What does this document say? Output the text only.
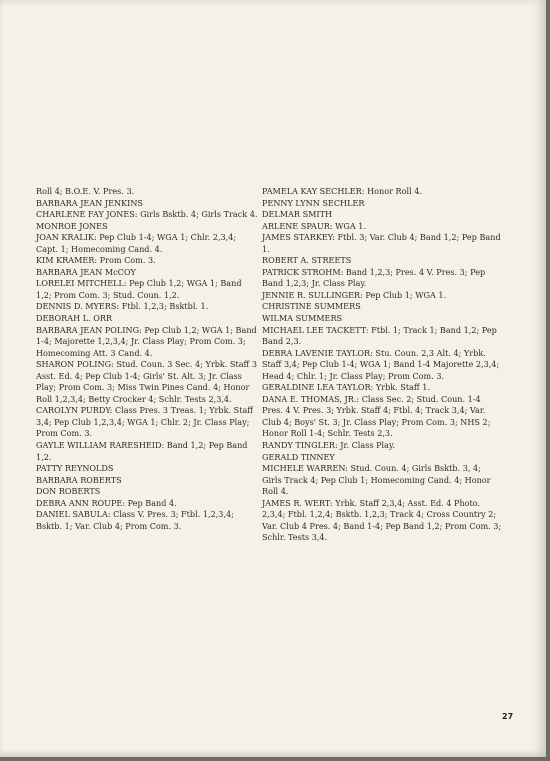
Roll 4; B.O.E. V. Pres. 3.

BARBARA JEAN JENKINS

CHARLENE FAY JONES: Girls Bsktb. 4; Girls Track 4.

MONROE JONES

JOAN KRALIK: Pep Club 1-4; WGA 1; Chlr. 2,3,4; Capt. 1; Homecoming Cand. 4.

KIM KRAMER: Prom Com. 3.

BARBARA JEAN McCOY

LORELEI MITCHELL: Pep Club 1,2; WGA 1; Band 1,2; Prom Com. 3; Stud. Coun. 1,2.

DENNIS D. MYERS: Ftbl. 1,2,3; Bsktbl. 1.

DEBORAH L. ORR

BARBARA JEAN POLING: Pep Club 1,2; WGA 1; Band 1-4; Majorette 1,2,3,4; Jr. Class Play; Prom Com. 3; Homecoming Att. 3 Cand. 4.

SHARON POLING: Stud. Coun. 3 Sec. 4; Yrbk. Staff 3 Asst. Ed. 4; Pep Club 1-4; Girls' St. Alt. 3; Jr. Class Play; Prom Com. 3; Miss Twin Pines Cand. 4; Honor Roll 1,2,3,4; Betty Crocker 4; Schlr. Tests 2,3,4.

CAROLYN PURDY: Class Pres. 3 Treas. 1; Yrbk. Staff 3,4; Pep Club 1,2,3,4; WGA 1; Chlr. 2; Jr. Class Play; Prom Com. 3.

GAYLE WILLIAM RARESHEID: Band 1,2; Pep Band 1,2.

PATTY REYNOLDS

BARBARA ROBERTS

DON ROBERTS

DEBRA ANN ROUPE: Pep Band 4.

DANIEL SABULA: Class V. Pres. 3; Ftbl. 1,2,3,4; Bsktb. 1; Var. Club 4; Prom Com. 3.

PAMELA KAY SECHLER: Honor Roll 4.

PENNY LYNN SECHLER

DELMAR SMITH

ARLENE SPAUR: WGA 1.

JAMES STARKEY: Ftbl. 3; Var. Club 4; Band 1,2; Pep Band 1.

ROBERT A. STREETS

PATRICK STROHM: Band 1,2,3; Pres. 4 V. Pres. 3; Pep Band 1,2,3; Jr. Class Play.

JENNIE R. SULLINGER: Pep Club 1; WGA 1.

CHRISTINE SUMMERS

WILMA SUMMERS

MICHAEL LEE TACKETT: Ftbl. 1; Track 1; Band 1,2; Pep Band 2,3.

DEBRA LAVENIE TAYLOR: Stu. Coun. 2,3 Alt. 4; Yrbk. Staff 3,4; Pep Club 1-4; WGA 1; Band 1-4 Majorette 2,3,4; Head 4; Chlr. 1; Jr. Class Play; Prom Com. 3.

GERALDINE LEA TAYLOR: Yrbk. Staff 1.

DANA E. THOMAS, JR.: Class Sec. 2; Stud. Coun. 1-4 Pres. 4 V. Pres. 3; Yrbk. Staff 4; Ftbl. 4; Track 3,4; Var. Club 4; Boys' St. 3; Jr. Class Play; Prom Com. 3; NHS 2; Honor Roll 1-4; Schlr. Tests 2,3.

RANDY TINGLER: Jr. Class Play.

GERALD TINNEY

MICHELE WARREN: Stud. Coun. 4; Girls Bsktb. 3, 4; Girls Track 4; Pep Club 1; Homecoming Cand. 4; Honor Roll 4.

JAMES R. WERT: Yrbk. Staff 2,3,4; Asst. Ed. 4 Photo. 2,3,4; Ftbl. 1,2,4; Bsktb. 1,2,3; Track 4; Cross Country 2; Var. Club 4 Pres. 4; Band 1-4; Pep Band 1,2; Prom Com. 3; Schlr. Tests 3,4.

27
